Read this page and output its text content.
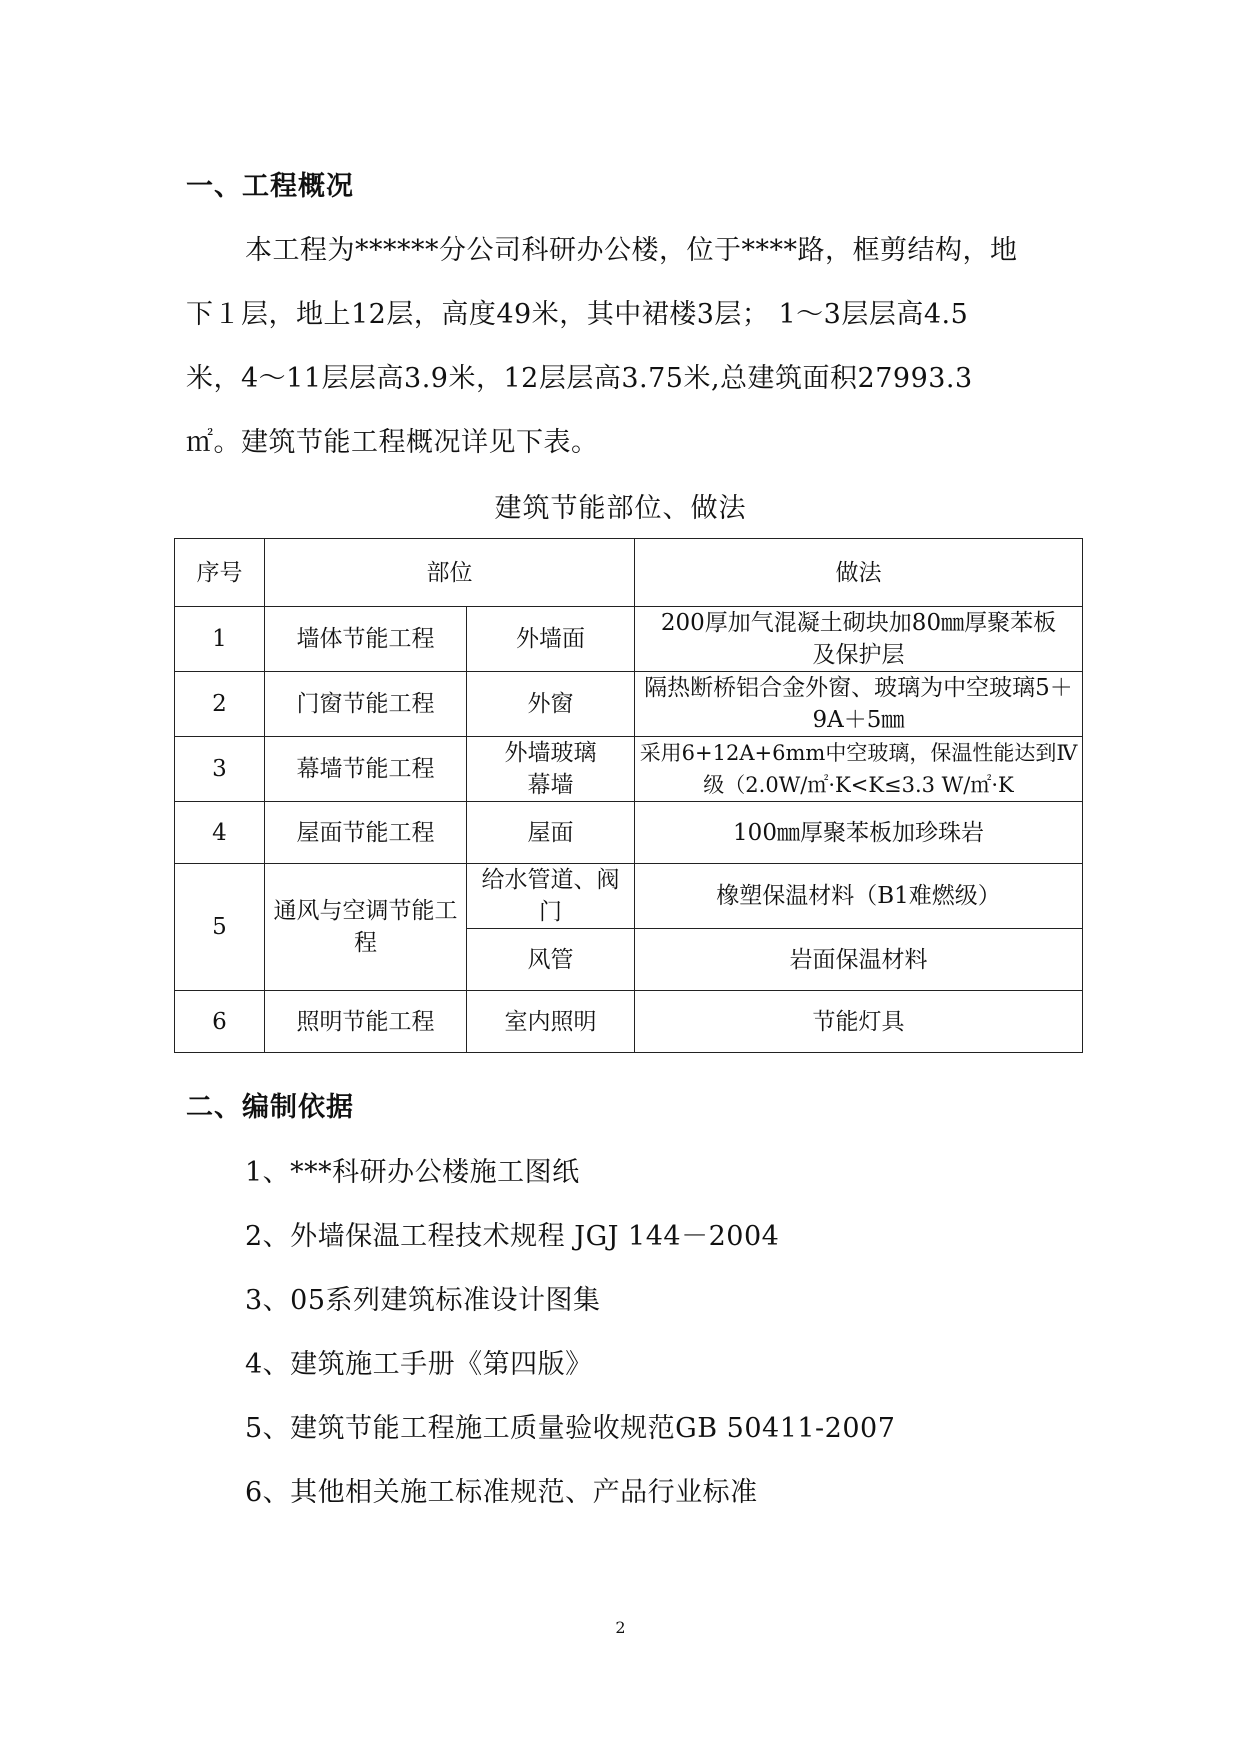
一、工程概况
本工程为******分公司科研办公楼，位于****路，框剪结构，地
下１层，地上12层，高度49米，其中裙楼3层； 1～3层层高4.5
米，4～11层层高3.9米，12层层高3.75米,总建筑面积27993.3
㎡。建筑节能工程概况详见下表。
建筑节能部位、做法
序号	部位		做法
1	墙体节能工程	外墙面	200厚加气混凝土砌块加80㎜厚聚苯板及保护层
2	门窗节能工程	外窗	隔热断桥铝合金外窗、玻璃为中空玻璃5＋9A＋5㎜
3	幕墙节能工程	外墙玻璃幕墙	采用6+12A+6mm中空玻璃，保温性能达到Ⅳ级（2.0W/㎡·K<K≤3.3 W/㎡·K
4	屋面节能工程	屋面	100㎜厚聚苯板加珍珠岩
5	通风与空调节能工程	给水管道、阀门	橡塑保温材料（B1难燃级）
		风管	岩面保温材料
6	照明节能工程	室内照明	节能灯具
二、编制依据
1、***科研办公楼施工图纸
2、外墙保温工程技术规程 JGJ 144－2004
3、05系列建筑标准设计图集
4、建筑施工手册《第四版》
5、建筑节能工程施工质量验收规范GB 50411-2007
6、其他相关施工标准规范、产品行业标准
2
